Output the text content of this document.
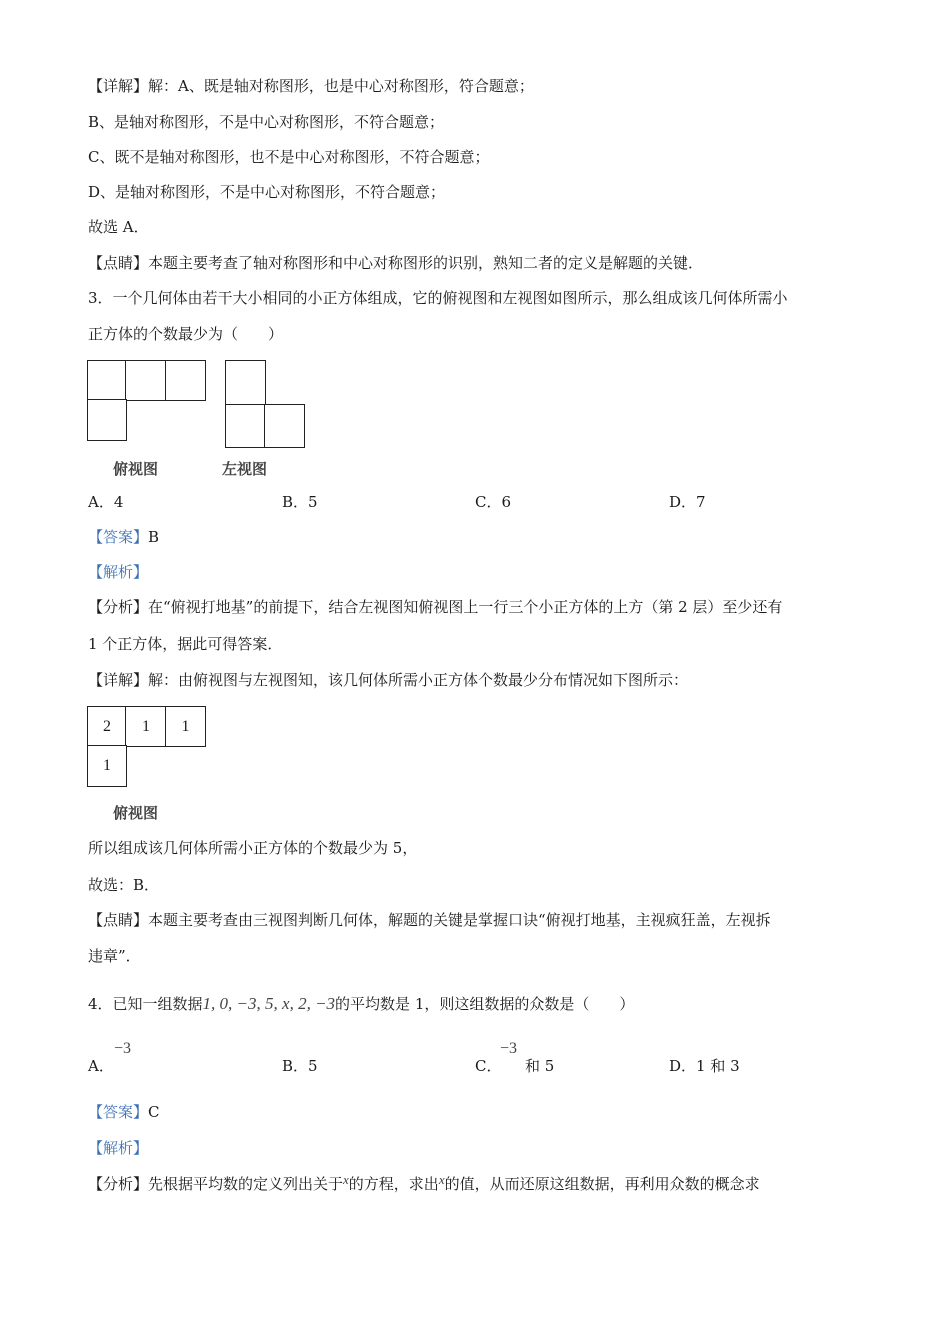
【详解】解：A、既是轴对称图形，也是中心对称图形，符合题意；
B、是轴对称图形，不是中心对称图形，不符合题意；
C、既不是轴对称图形，也不是中心对称图形，不符合题意；
D、是轴对称图形，不是中心对称图形，不符合题意；
故选 A．
【点睛】本题主要考查了轴对称图形和中心对称图形的识别，熟知二者的定义是解题的关键．
3．一个几何体由若干大小相同的小正方体组成，它的俯视图和左视图如图所示，那么组成该几何体所需小
正方体的个数最少为（　　）
俯视图	左视图
A．4	B．5	C．6	D．7
【答案】B
【解析】
【分析】在“俯视打地基”的前提下，结合左视图知俯视图上一行三个小正方体的上方（第 2 层）至少还有
1 个正方体，据此可得答案．
【详解】解：由俯视图与左视图知，该几何体所需小正方体个数最少分布情况如下图所示：
2	1	1
1
俯视图
所以组成该几何体所需小正方体的个数最少为 5，
故选：B．
【点睛】本题主要考查由三视图判断几何体，解题的关键是掌握口诀“俯视打地基，主视疯狂盖，左视拆
违章”．
4．已知一组数据1, 0, −3, 5, x, 2, −3的平均数是 1，则这组数据的众数是（　　）
A．
−3
B．5	C．
−3
和 5	D．1 和 3
【答案】C
【解析】
【分析】先根据平均数的定义列出关于x的方程，求出x的值，从而还原这组数据，再利用众数的概念求
